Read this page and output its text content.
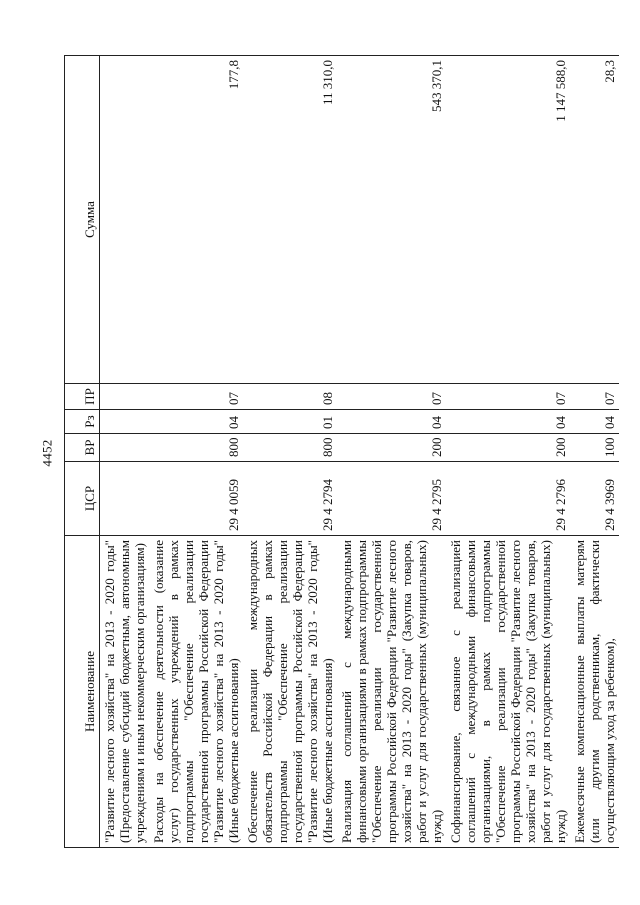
4452
Наименование	ЦСР	ВР	Рз	ПР	Сумма
"Развитие лесного хозяйства" на 2013 - 2020 годы" (Предоставление субсидий бюджетным, автономным учреждениям и иным некоммерческим организациям)					
Расходы на обеспечение деятельности (оказание услуг) государственных учреждений в рамках подпрограммы "Обеспечение реализации государственной программы Российской Федерации "Развитие лесного хозяйства" на 2013 - 2020 годы" (Иные бюджетные ассигнования)	29 4 0059	800	04	07	177,8
Обеспечение реализации международных обязательств Российской Федерации в рамках подпрограммы "Обеспечение реализации государственной программы Российской Федерации "Развитие лесного хозяйства" на 2013 - 2020 годы" (Иные бюджетные ассигнования)	29 4 2794	800	01	08	11 310,0
Реализация соглашений с международными финансовыми организациями в рамках подпрограммы "Обеспечение реализации государственной программы Российской Федерации "Развитие лесного хозяйства" на 2013 - 2020 годы" (Закупка товаров, работ и услуг для государственных (муниципальных) нужд)	29 4 2795	200	04	07	543 370,1
Софинансирование, связанное с реализацией соглашений с международными финансовыми организациями, в рамках подпрограммы "Обеспечение реализации государственной программы Российской Федерации "Развитие лесного хозяйства" на 2013 - 2020 годы" (Закупка товаров, работ и услуг для государственных (муниципальных) нужд)	29 4 2796	200	04	07	1 147 588,0
Ежемесячные компенсационные выплаты матерям (или другим родственникам, фактически осуществляющим уход за ребенком),	29 4 3969	100	04	07	28,3
